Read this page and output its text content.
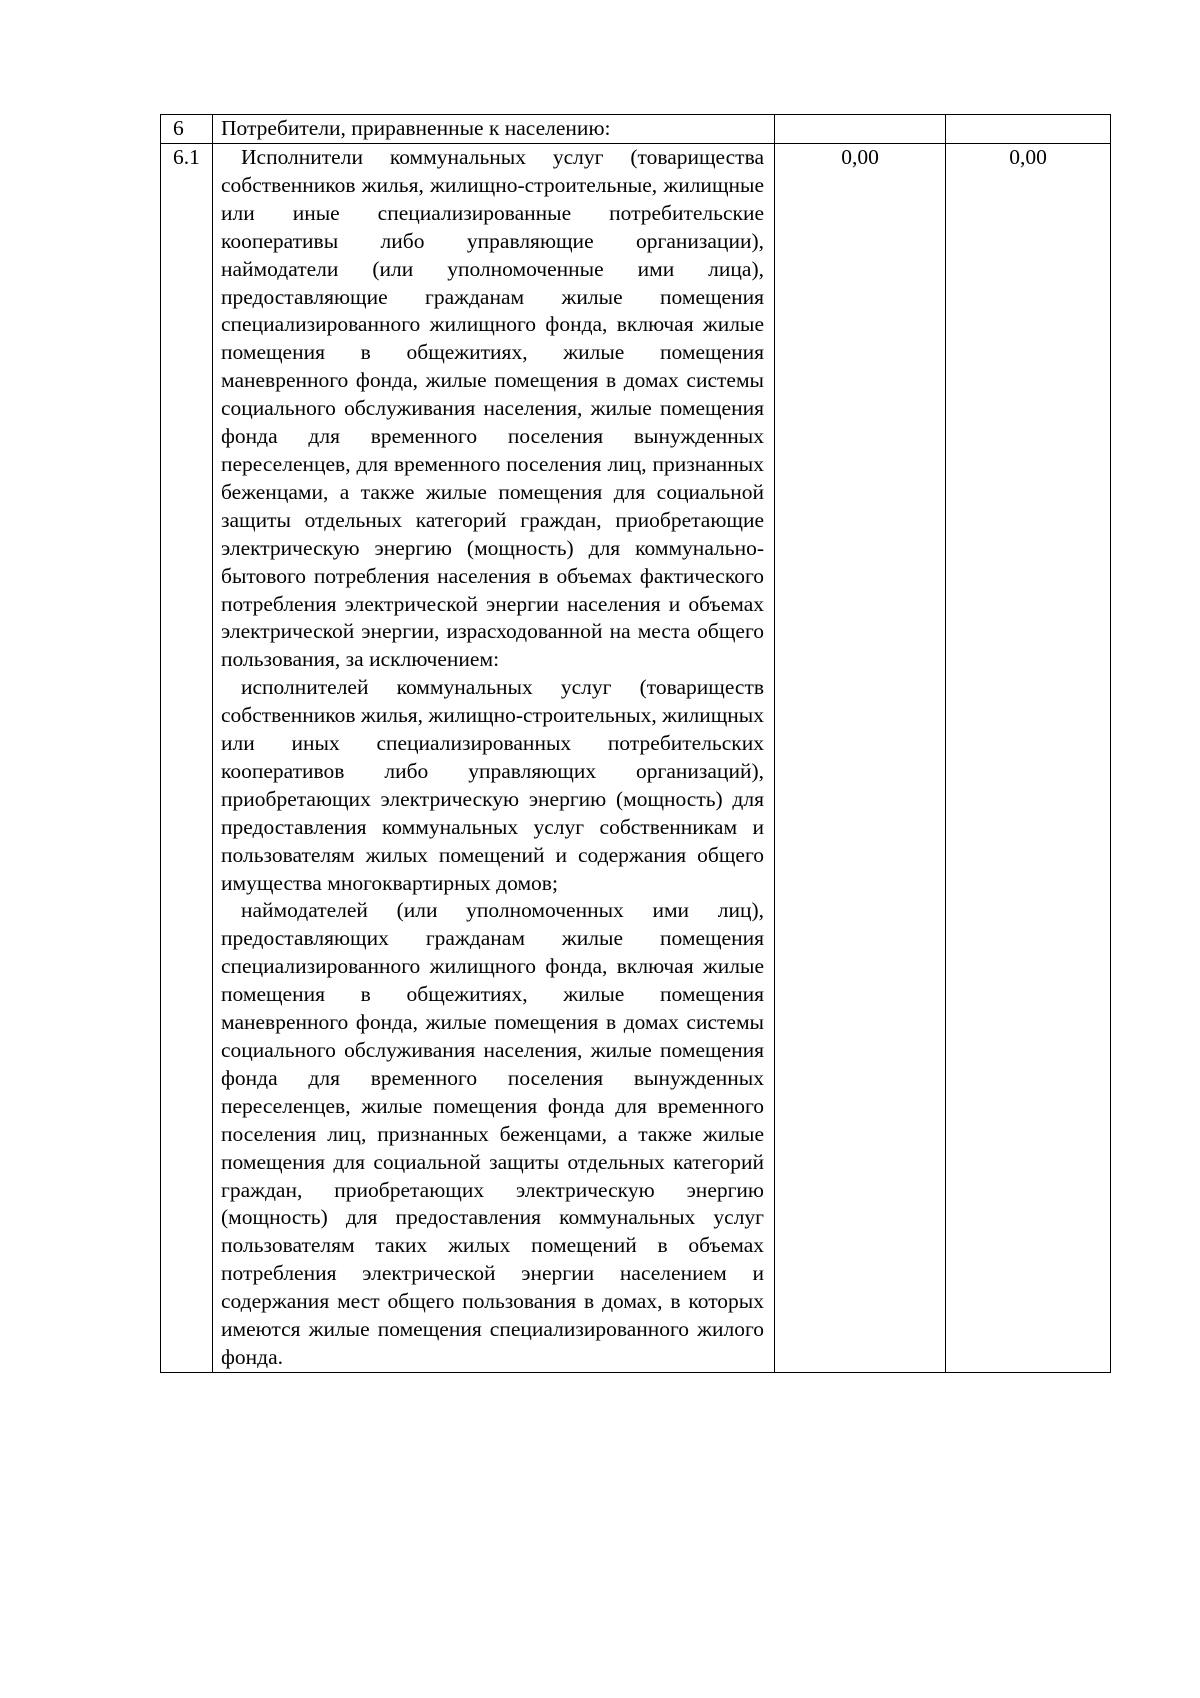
6	Потребители, приравненные к населению:		
6.1	Исполнители коммунальных услуг (товарищества собственников жилья, жилищно-строительные, жилищные или иные специализированные потребительские кооперативы либо управляющие организации), наймодатели (или уполномоченные ими лица), предоставляющие гражданам жилые помещения специализированного жилищного фонда, включая жилые помещения в общежитиях, жилые помещения маневренного фонда, жилые помещения в домах системы социального обслуживания населения, жилые помещения фонда для временного поселения вынужденных переселенцев, для временного поселения лиц, признанных беженцами, а также жилые помещения для социальной защиты отдельных категорий граждан, приобретающие электрическую энергию (мощность) для коммунально-бытового потребления населения в объемах фактического потребления электрической энергии населения и объемах электрической энергии, израсходованной на места общего пользования, за исключением:

исполнителей коммунальных услуг (товариществ собственников жилья, жилищно-строительных, жилищных или иных специализированных потребительских кооперативов либо управляющих организаций), приобретающих электрическую энергию (мощность) для предоставления коммунальных услуг собственникам и пользователям жилых помещений и содержания общего имущества многоквартирных домов;

наймодателей (или уполномоченных ими лиц), предоставляющих гражданам жилые помещения специализированного жилищного фонда, включая жилые помещения в общежитиях, жилые помещения маневренного фонда, жилые помещения в домах системы социального обслуживания населения, жилые помещения фонда для временного поселения вынужденных переселенцев, жилые помещения фонда для временного поселения лиц, признанных беженцами, а также жилые помещения для социальной защиты отдельных категорий граждан, приобретающих электрическую энергию (мощность) для предоставления коммунальных услуг пользователям таких жилых помещений в объемах потребления электрической энергии населением и содержания мест общего пользования в домах, в которых имеются жилые помещения специализированного жилого фонда.	0,00	0,00
